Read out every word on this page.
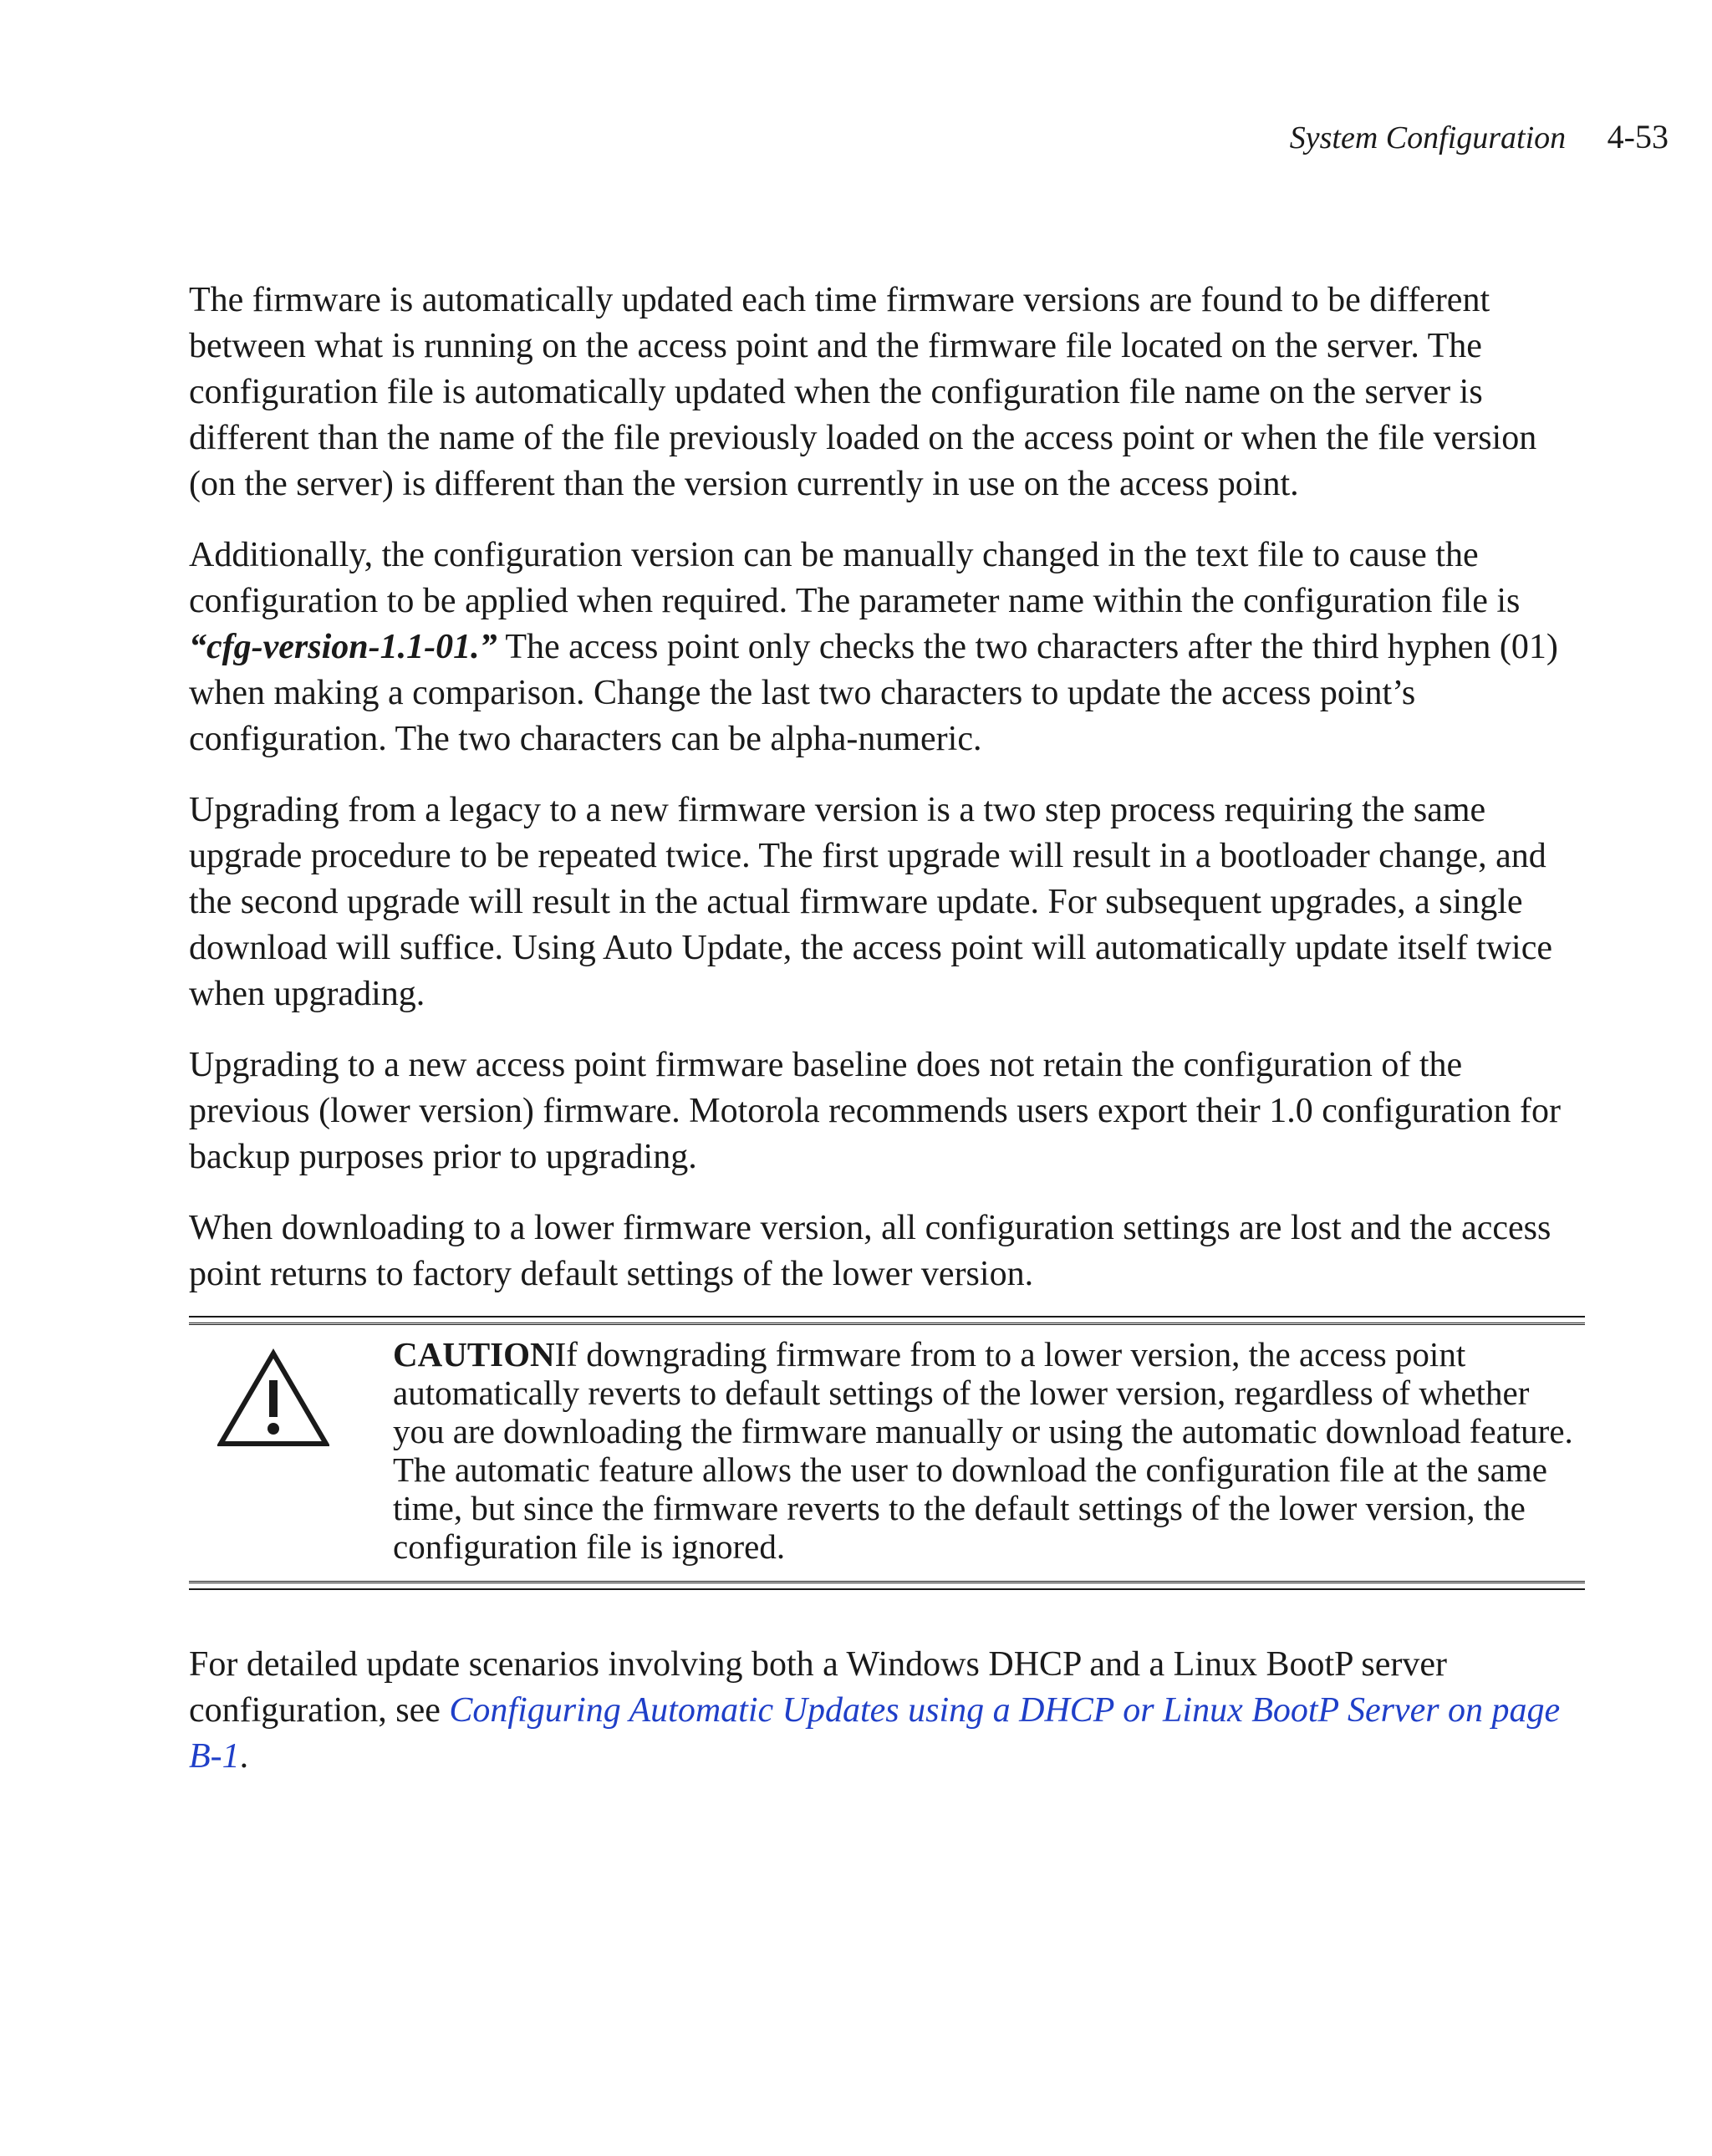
System Configuration 4-53

The firmware is automatically updated each time firmware versions are found to be different between what is running on the access point and the firmware file located on the server. The configuration file is automatically updated when the configuration file name on the server is different than the name of the file previously loaded on the access point or when the file version (on the server) is different than the version currently in use on the access point.

Additionally, the configuration version can be manually changed in the text file to cause the configuration to be applied when required. The parameter name within the configuration file is
“cfg-version-1.1-01.” The access point only checks the two characters after the third hyphen (01) when making a comparison. Change the last two characters to update the access point’s configuration. The two characters can be alpha-numeric.

Upgrading from a legacy to a new firmware version is a two step process requiring the same upgrade procedure to be repeated twice. The first upgrade will result in a bootloader change, and the second upgrade will result in the actual firmware update. For subsequent upgrades, a single download will suffice. Using Auto Update, the access point will automatically update itself twice when upgrading.

Upgrading to a new access point firmware baseline does not retain the configuration of the previous (lower version) firmware. Motorola recommends users export their 1.0 configuration for backup purposes prior to upgrading.

When downloading to a lower firmware version, all configuration settings are lost and the access point returns to factory default settings of the lower version.

CAUTIONIf downgrading firmware from to a lower version, the access point automatically reverts to default settings of the lower version, regardless of whether you are downloading the firmware manually or using the automatic download feature. The automatic feature allows the user to download the configuration file at the same time, but since the firmware reverts to the default settings of the lower version, the configuration file is ignored.

For detailed update scenarios involving both a Windows DHCP and a Linux BootP server configuration, see Configuring Automatic Updates using a DHCP or Linux BootP Server on page B-1.
